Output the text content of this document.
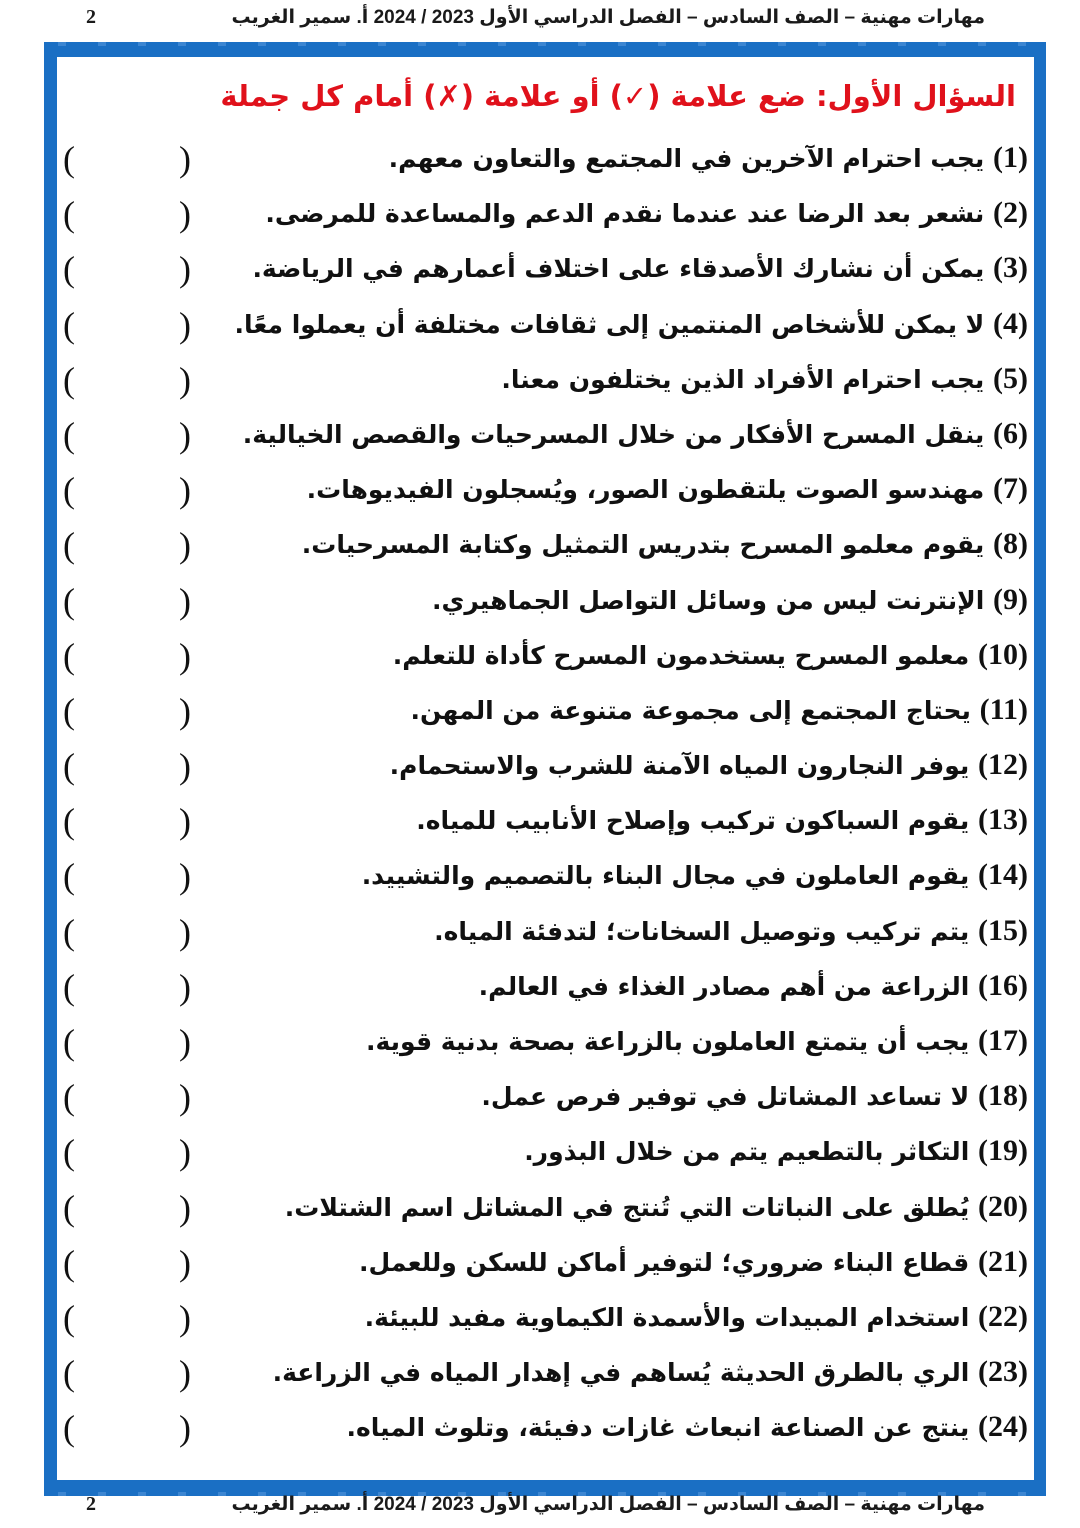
مهارات مهنية – الصف السادس – الفصل الدراسي الأول 2023 / 2024 أ. سمير الغريب
2
السؤال الأول: ضع علامة (✓) أو علامة (✗) أمام كل جملة
(1) يجب احترام الآخرين في المجتمع والتعاون معهم.
(	)
(2) نشعر بعد الرضا عند عندما نقدم الدعم والمساعدة للمرضى.
(	)
(3) يمكن أن نشارك الأصدقاء على اختلاف أعمارهم في الرياضة.
(	)
(4) لا يمكن للأشخاص المنتمين إلى ثقافات مختلفة أن يعملوا معًا.
(	)
(5) يجب احترام الأفراد الذين يختلفون معنا.
(	)
(6) ينقل المسرح الأفكار من خلال المسرحيات والقصص الخيالية.
(	)
(7) مهندسو الصوت يلتقطون الصور، ويُسجلون الفيديوهات.
(	)
(8) يقوم معلمو المسرح بتدريس التمثيل وكتابة المسرحيات.
(	)
(9) الإنترنت ليس من وسائل التواصل الجماهيري.
(	)
(10) معلمو المسرح يستخدمون المسرح كأداة للتعلم.
(	)
(11) يحتاج المجتمع إلى مجموعة متنوعة من المهن.
(	)
(12) يوفر النجارون المياه الآمنة للشرب والاستحمام.
(	)
(13) يقوم السباكون تركيب وإصلاح الأنابيب للمياه.
(	)
(14) يقوم العاملون في مجال البناء بالتصميم والتشييد.
(	)
(15) يتم تركيب وتوصيل السخانات؛ لتدفئة المياه.
(	)
(16) الزراعة من أهم مصادر الغذاء في العالم.
(	)
(17) يجب أن يتمتع العاملون بالزراعة بصحة بدنية قوية.
(	)
(18) لا تساعد المشاتل في توفير فرص عمل.
(	)
(19) التكاثر بالتطعيم يتم من خلال البذور.
(	)
(20) يُطلق على النباتات التي تُنتج في المشاتل اسم الشتلات.
(	)
(21) قطاع البناء ضروري؛ لتوفير أماكن للسكن وللعمل.
(	)
(22) استخدام المبيدات والأسمدة الكيماوية مفيد للبيئة.
(	)
(23) الري بالطرق الحديثة يُساهم في إهدار المياه في الزراعة.
(	)
(24) ينتج عن الصناعة انبعاث غازات دفيئة، وتلوث المياه.
(	)
مهارات مهنية – الصف السادس – الفصل الدراسي الأول 2023 / 2024 أ. سمير الغريب
2
